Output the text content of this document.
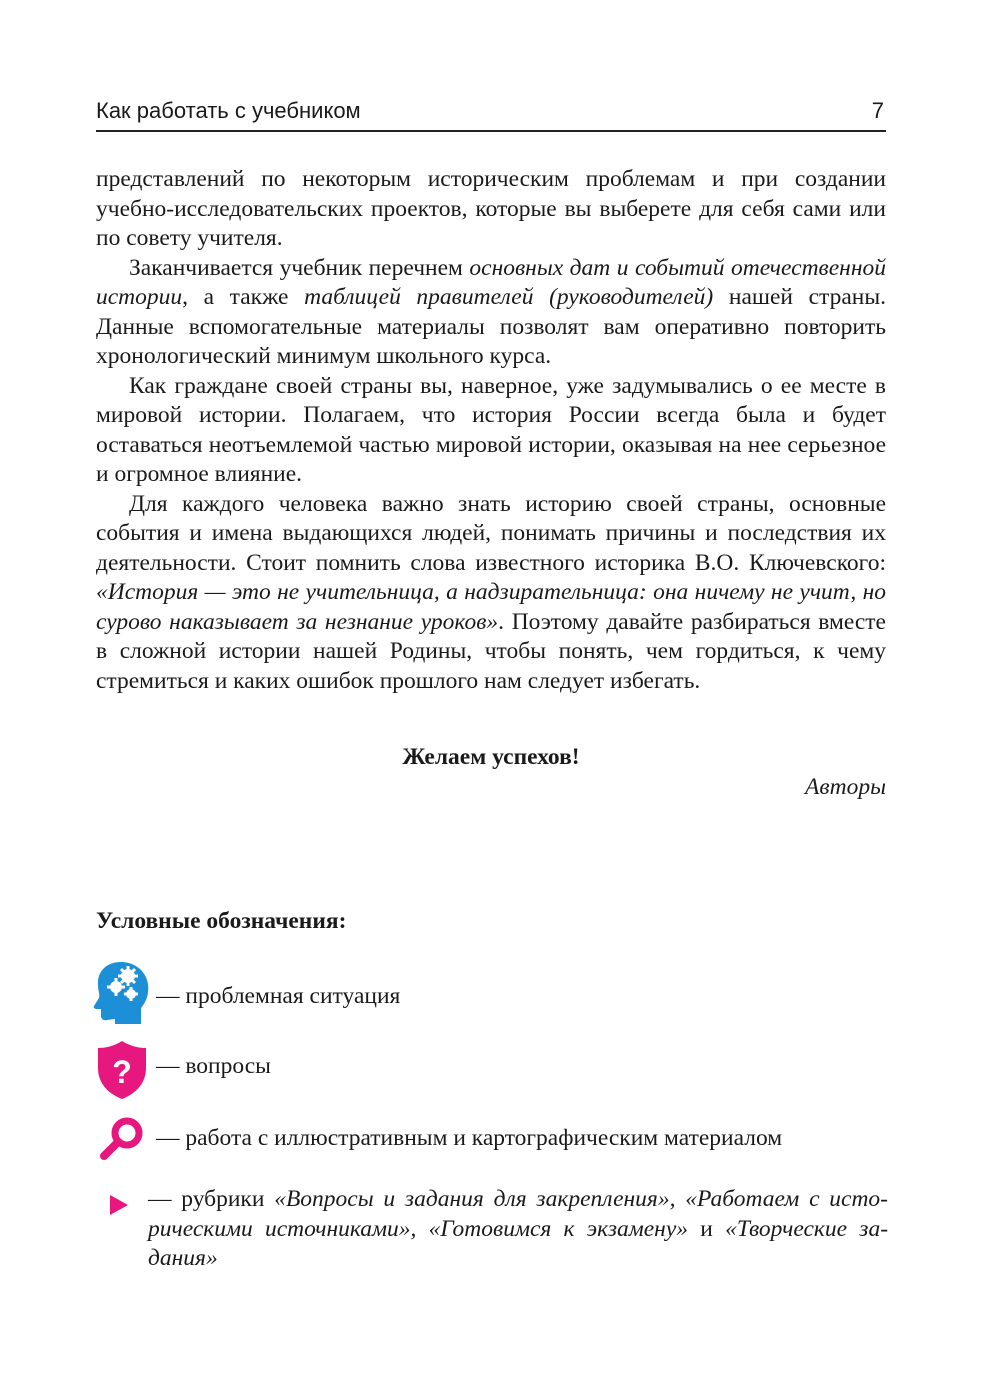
Как работать с учебником	7

представлений по некоторым историческим проблемам и при создании учебно-исследовательских проектов, которые вы выберете для себя сами или по совету учителя.

Заканчивается учебник перечнем основных дат и событий отечественной истории, а также таблицей правителей (руководителей) нашей страны. Данные вспомогательные материалы позволят вам оперативно повторить хронологический минимум школьного курса.

Как граждане своей страны вы, наверное, уже задумывались о ее месте в мировой истории. Полагаем, что история России всегда была и будет оставаться неотъемлемой частью мировой истории, оказывая на нее серьезное и огромное влияние.

Для каждого человека важно знать историю своей страны, основные события и имена выдающихся людей, понимать причины и последствия их деятельности. Стоит помнить слова известного историка В.О. Ключевского: «История — это не учительница, а надзирательница: она ничему не учит, но сурово наказывает за незнание уроков». Поэтому давайте разбираться вместе в сложной истории нашей Родины, чтобы понять, чем гордиться, к чему стремиться и каких ошибок прошлого нам следует избегать.

Желаем успехов!
Авторы
Условные обозначения:
— проблемная ситуация
? — вопросы
— работа с иллюстративным и картографическим материалом
— рубрики «Вопросы и задания для закрепления», «Работаем с историческими источниками», «Готовимся к экзамену» и «Творческие задания»
